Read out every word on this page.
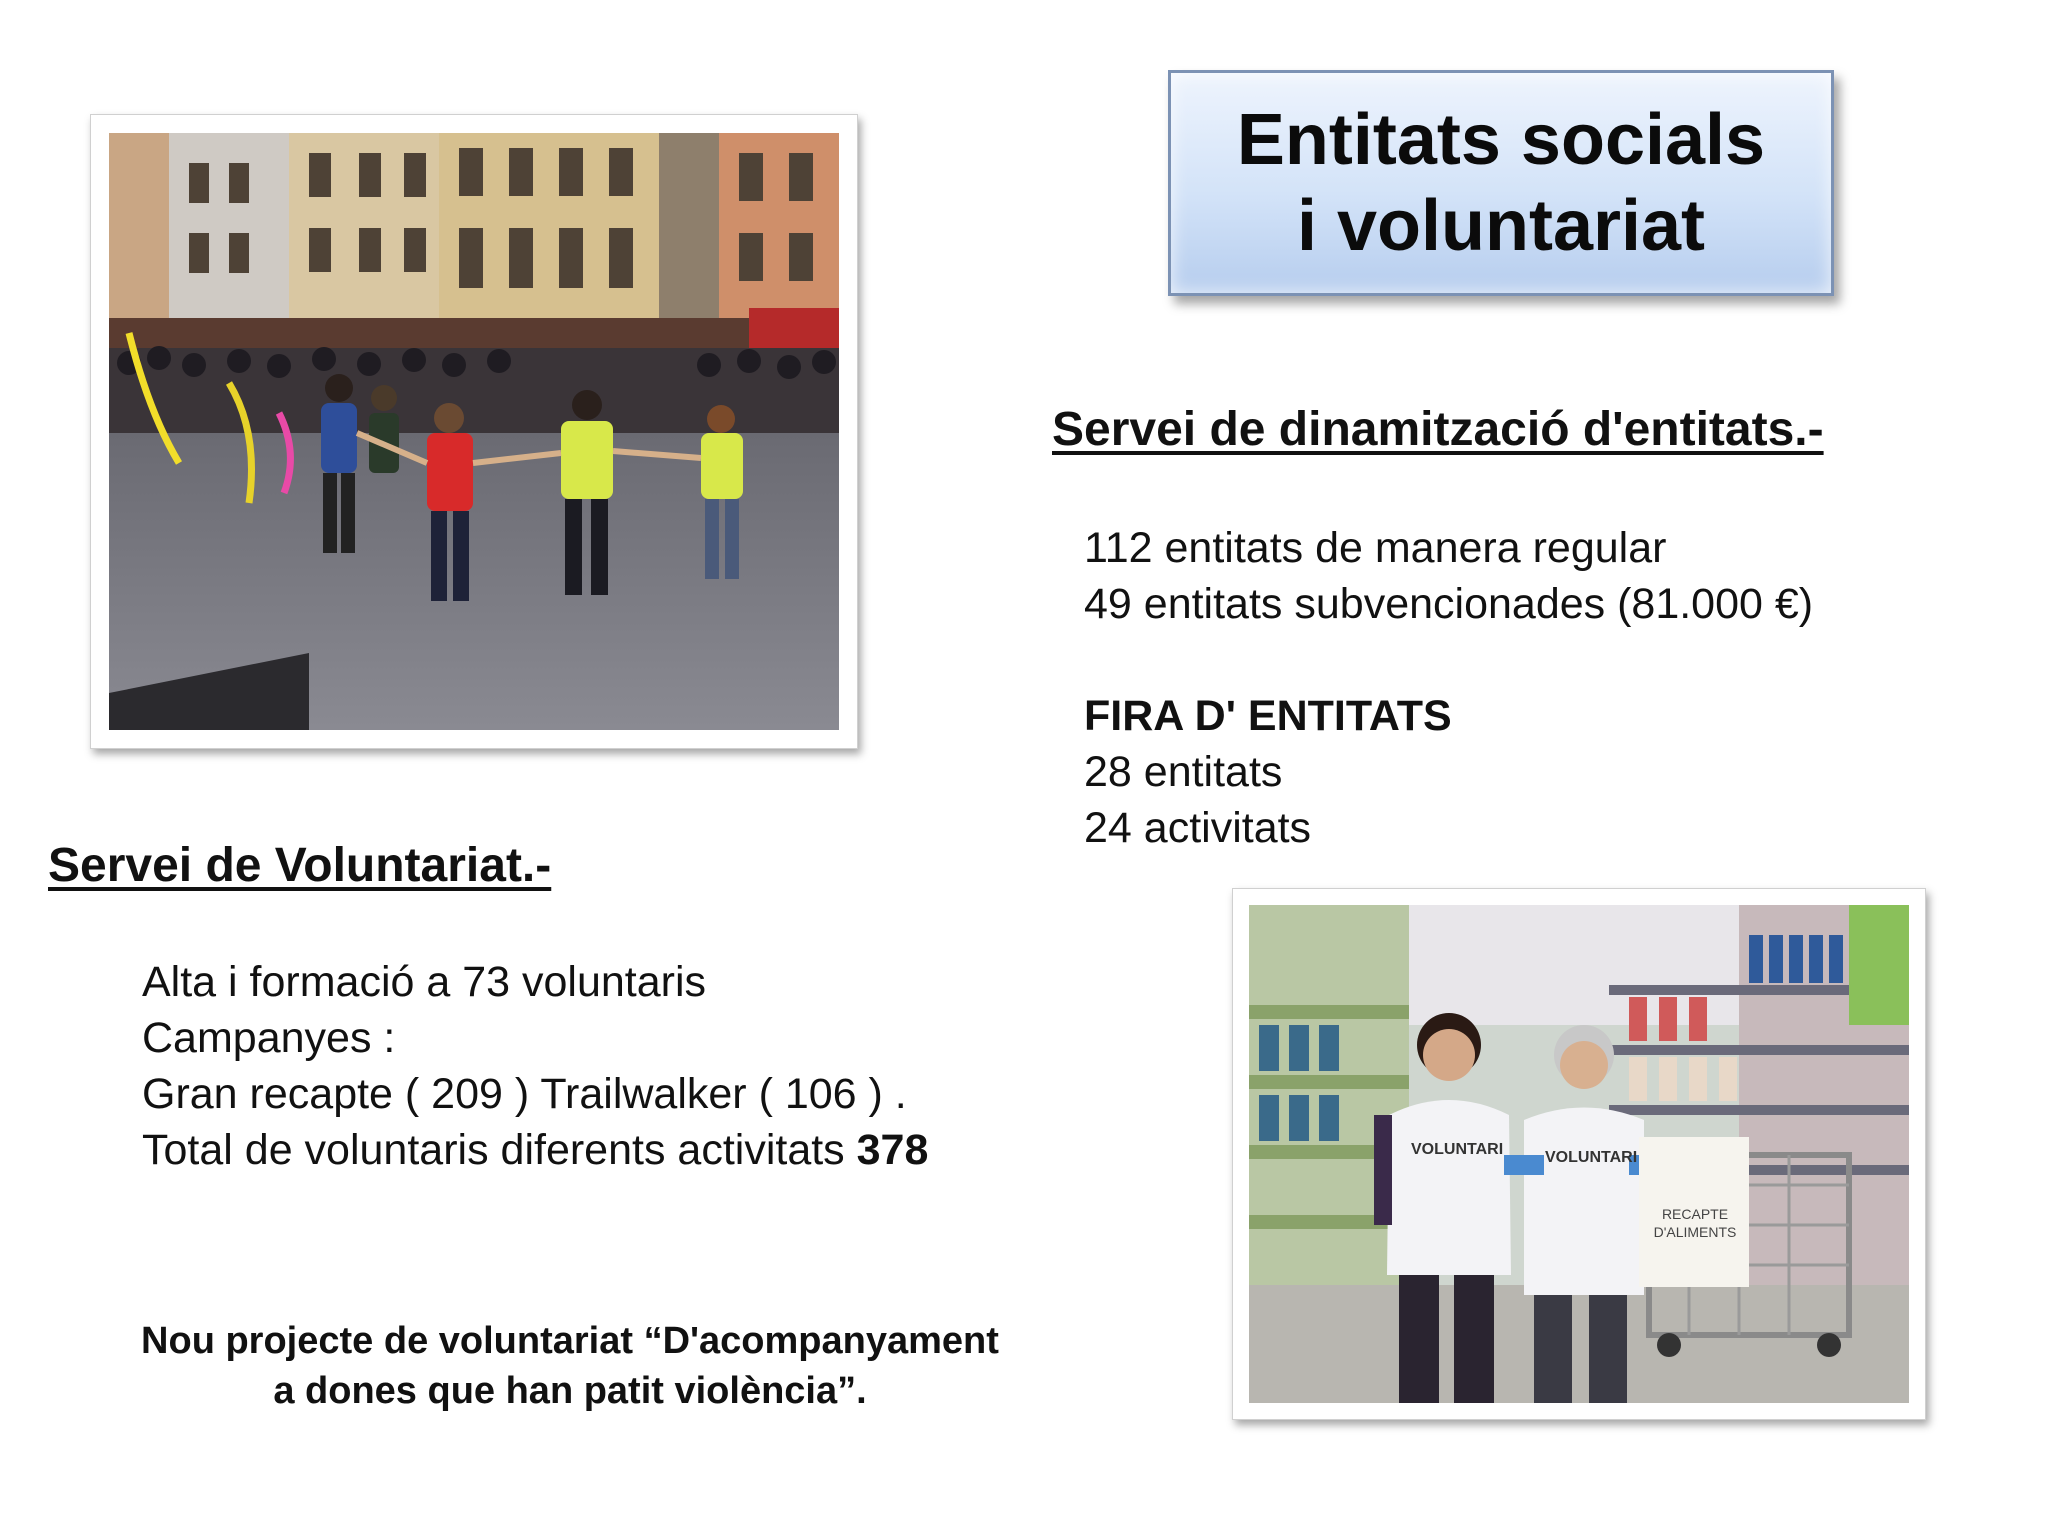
Entitats socials
i voluntariat
Servei de dinamització d'entitats.-
112 entitats de manera regular
49 entitats subvencionades (81.000 €)
FIRA D' ENTITATS
28 entitats
24 activitats
Servei de Voluntariat.-
Alta i formació a 73 voluntaris
Campanyes :
Gran recapte ( 209 ) Trailwalker ( 106 ) .
Total de voluntaris diferents activitats 378
Nou projecte de voluntariat “D'acompanyament
a dones que han patit violència”.
VOLUNTARI	VOLUNTARI
RECAPTE D'ALIMENTS
